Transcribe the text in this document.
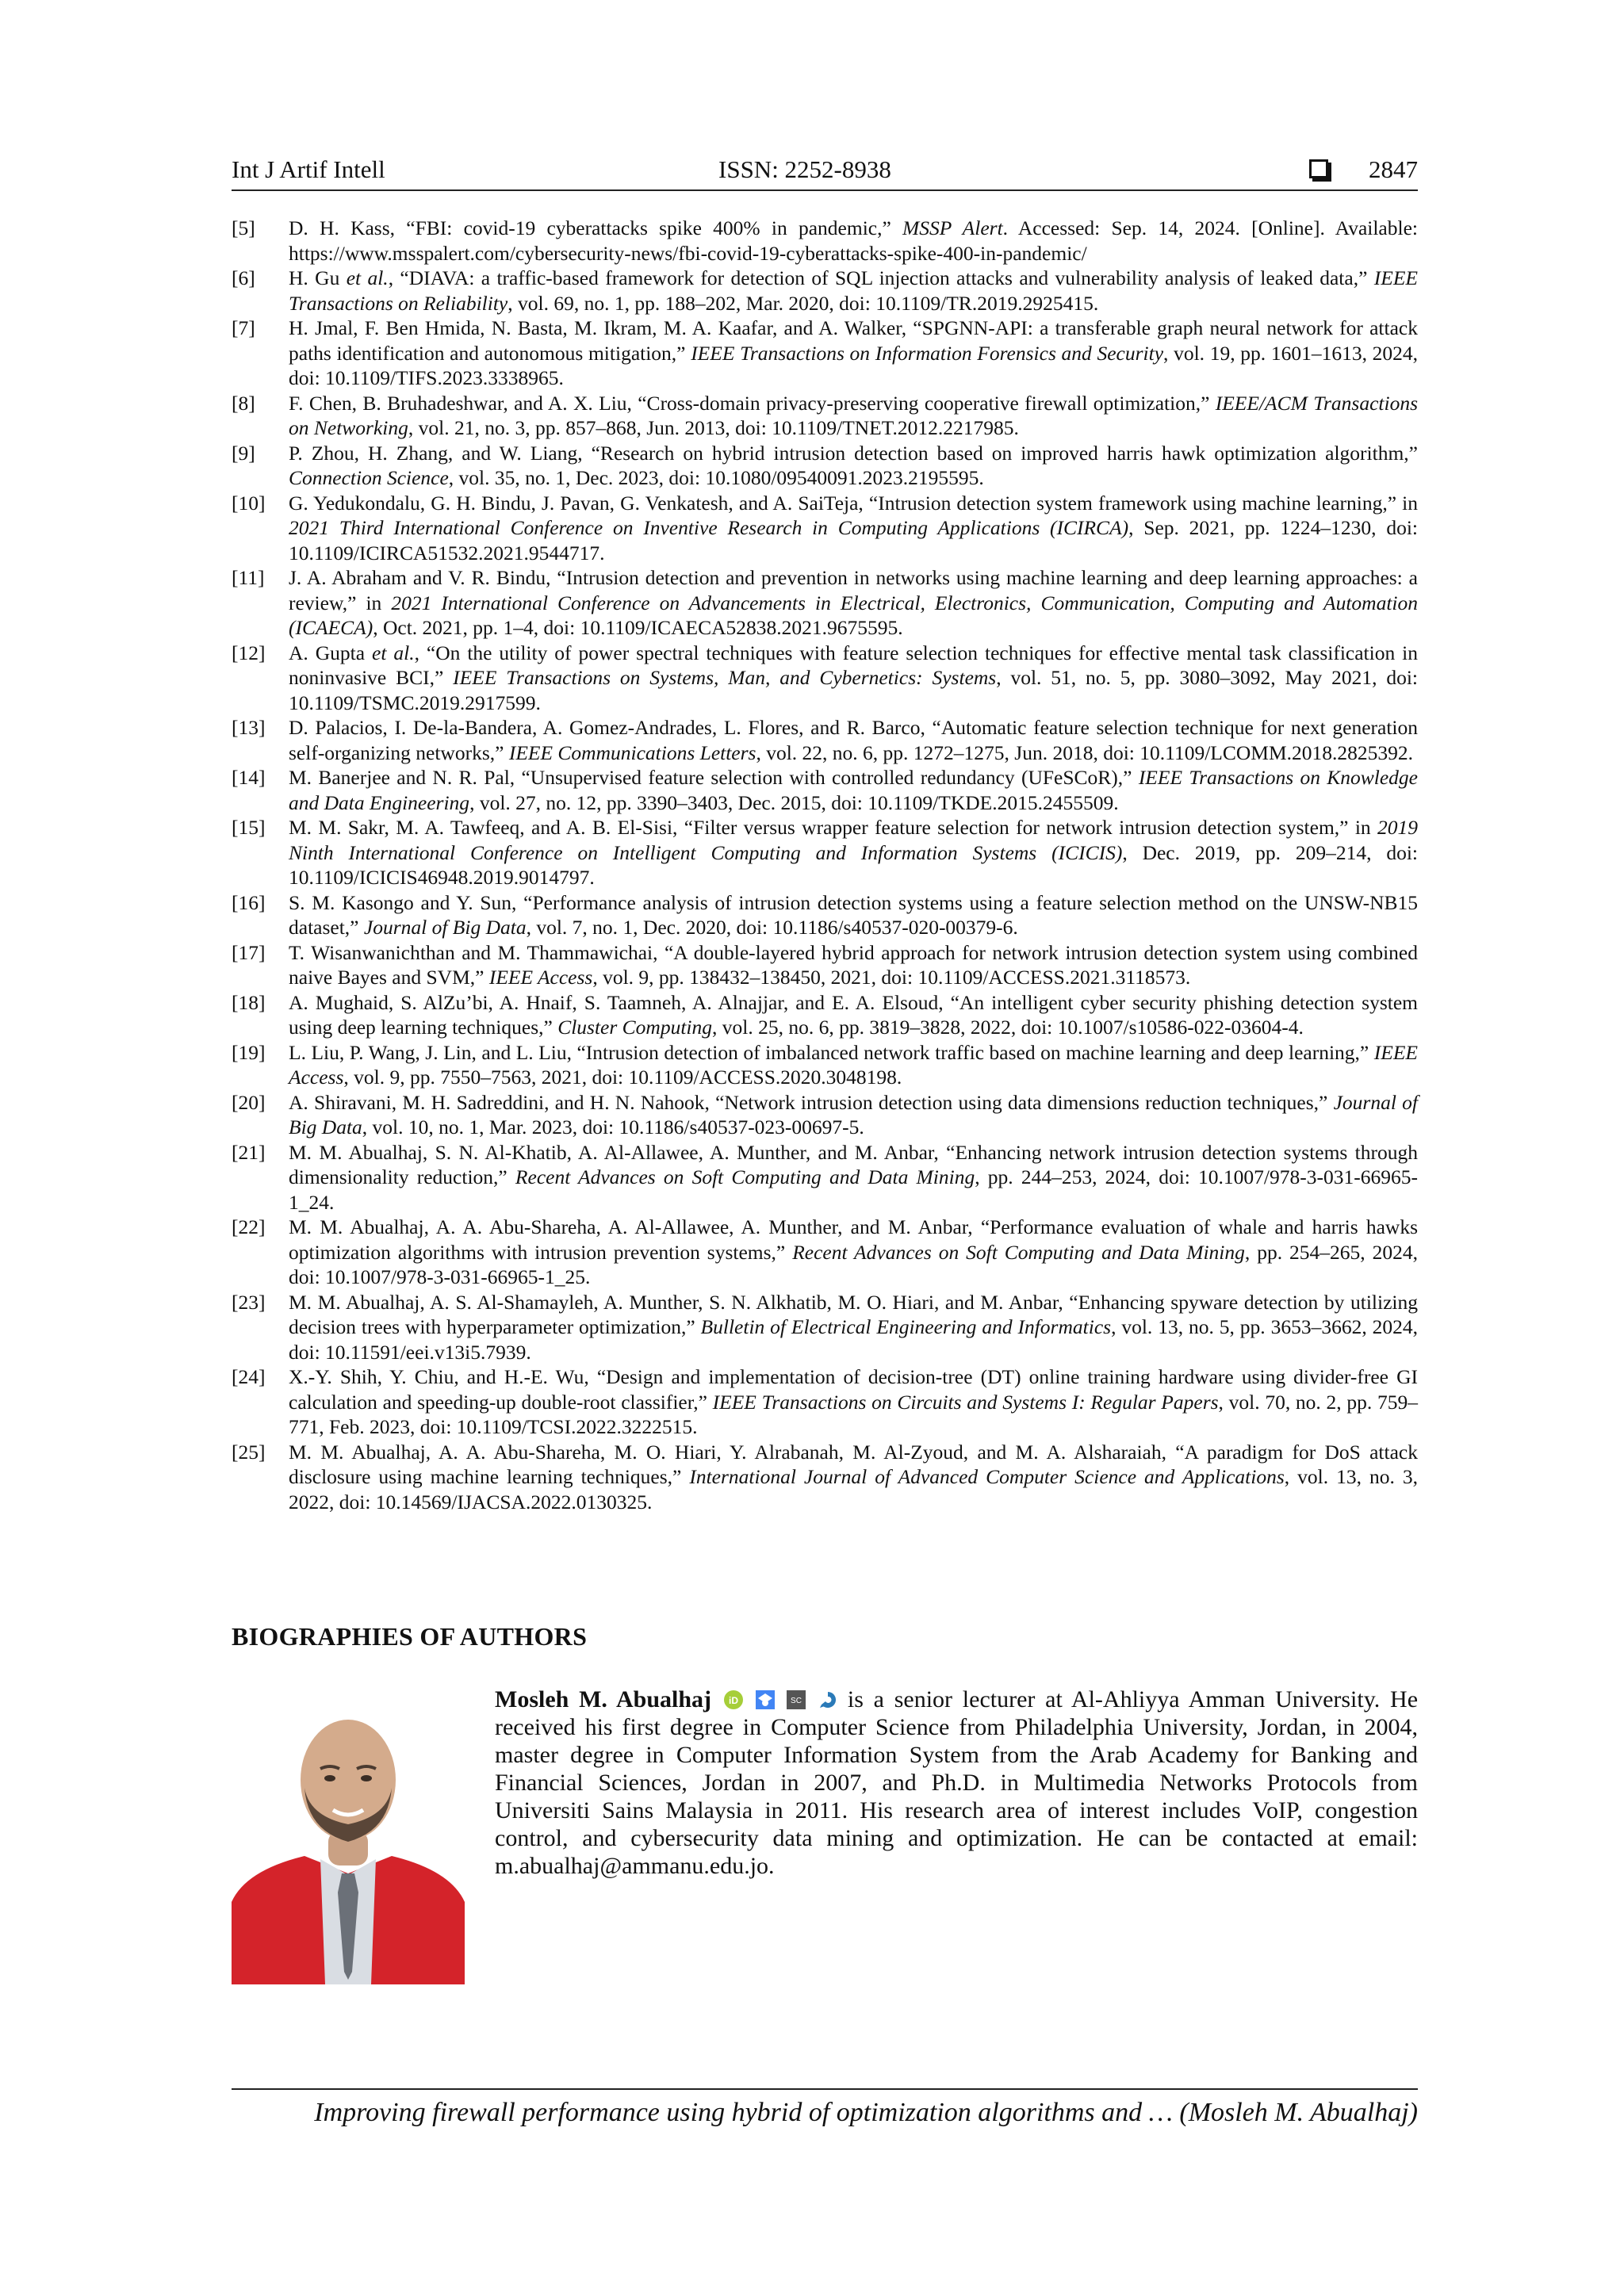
Int J Artif Intell	ISSN: 2252-8938	2847
[5] D. H. Kass, “FBI: covid-19 cyberattacks spike 400% in pandemic,” MSSP Alert. Accessed: Sep. 14, 2024. [Online]. Available: https://www.msspalert.com/cybersecurity-news/fbi-covid-19-cyberattacks-spike-400-in-pandemic/
[6] H. Gu et al., “DIAVA: a traffic-based framework for detection of SQL injection attacks and vulnerability analysis of leaked data,” IEEE Transactions on Reliability, vol. 69, no. 1, pp. 188–202, Mar. 2020, doi: 10.1109/TR.2019.2925415.
[7] H. Jmal, F. Ben Hmida, N. Basta, M. Ikram, M. A. Kaafar, and A. Walker, “SPGNN-API: a transferable graph neural network for attack paths identification and autonomous mitigation,” IEEE Transactions on Information Forensics and Security, vol. 19, pp. 1601–1613, 2024, doi: 10.1109/TIFS.2023.3338965.
[8] F. Chen, B. Bruhadeshwar, and A. X. Liu, “Cross-domain privacy-preserving cooperative firewall optimization,” IEEE/ACM Transactions on Networking, vol. 21, no. 3, pp. 857–868, Jun. 2013, doi: 10.1109/TNET.2012.2217985.
[9] P. Zhou, H. Zhang, and W. Liang, “Research on hybrid intrusion detection based on improved harris hawk optimization algorithm,” Connection Science, vol. 35, no. 1, Dec. 2023, doi: 10.1080/09540091.2023.2195595.
[10] G. Yedukondalu, G. H. Bindu, J. Pavan, G. Venkatesh, and A. SaiTeja, “Intrusion detection system framework using machine learning,” in 2021 Third International Conference on Inventive Research in Computing Applications (ICIRCA), Sep. 2021, pp. 1224–1230, doi: 10.1109/ICIRCA51532.2021.9544717.
[11] J. A. Abraham and V. R. Bindu, “Intrusion detection and prevention in networks using machine learning and deep learning approaches: a review,” in 2021 International Conference on Advancements in Electrical, Electronics, Communication, Computing and Automation (ICAECA), Oct. 2021, pp. 1–4, doi: 10.1109/ICAECA52838.2021.9675595.
[12] A. Gupta et al., “On the utility of power spectral techniques with feature selection techniques for effective mental task classification in noninvasive BCI,” IEEE Transactions on Systems, Man, and Cybernetics: Systems, vol. 51, no. 5, pp. 3080–3092, May 2021, doi: 10.1109/TSMC.2019.2917599.
[13] D. Palacios, I. De-la-Bandera, A. Gomez-Andrades, L. Flores, and R. Barco, “Automatic feature selection technique for next generation self-organizing networks,” IEEE Communications Letters, vol. 22, no. 6, pp. 1272–1275, Jun. 2018, doi: 10.1109/LCOMM.2018.2825392.
[14] M. Banerjee and N. R. Pal, “Unsupervised feature selection with controlled redundancy (UFeSCoR),” IEEE Transactions on Knowledge and Data Engineering, vol. 27, no. 12, pp. 3390–3403, Dec. 2015, doi: 10.1109/TKDE.2015.2455509.
[15] M. M. Sakr, M. A. Tawfeeq, and A. B. El-Sisi, “Filter versus wrapper feature selection for network intrusion detection system,” in 2019 Ninth International Conference on Intelligent Computing and Information Systems (ICICIS), Dec. 2019, pp. 209–214, doi: 10.1109/ICICIS46948.2019.9014797.
[16] S. M. Kasongo and Y. Sun, “Performance analysis of intrusion detection systems using a feature selection method on the UNSW-NB15 dataset,” Journal of Big Data, vol. 7, no. 1, Dec. 2020, doi: 10.1186/s40537-020-00379-6.
[17] T. Wisanwanichthan and M. Thammawichai, “A double-layered hybrid approach for network intrusion detection system using combined naive Bayes and SVM,” IEEE Access, vol. 9, pp. 138432–138450, 2021, doi: 10.1109/ACCESS.2021.3118573.
[18] A. Mughaid, S. AlZu’bi, A. Hnaif, S. Taamneh, A. Alnajjar, and E. A. Elsoud, “An intelligent cyber security phishing detection system using deep learning techniques,” Cluster Computing, vol. 25, no. 6, pp. 3819–3828, 2022, doi: 10.1007/s10586-022-03604-4.
[19] L. Liu, P. Wang, J. Lin, and L. Liu, “Intrusion detection of imbalanced network traffic based on machine learning and deep learning,” IEEE Access, vol. 9, pp. 7550–7563, 2021, doi: 10.1109/ACCESS.2020.3048198.
[20] A. Shiravani, M. H. Sadreddini, and H. N. Nahook, “Network intrusion detection using data dimensions reduction techniques,” Journal of Big Data, vol. 10, no. 1, Mar. 2023, doi: 10.1186/s40537-023-00697-5.
[21] M. M. Abualhaj, S. N. Al-Khatib, A. Al-Allawee, A. Munther, and M. Anbar, “Enhancing network intrusion detection systems through dimensionality reduction,” Recent Advances on Soft Computing and Data Mining, pp. 244–253, 2024, doi: 10.1007/978-3-031-66965-1_24.
[22] M. M. Abualhaj, A. A. Abu-Shareha, A. Al-Allawee, A. Munther, and M. Anbar, “Performance evaluation of whale and harris hawks optimization algorithms with intrusion prevention systems,” Recent Advances on Soft Computing and Data Mining, pp. 254–265, 2024, doi: 10.1007/978-3-031-66965-1_25.
[23] M. M. Abualhaj, A. S. Al-Shamayleh, A. Munther, S. N. Alkhatib, M. O. Hiari, and M. Anbar, “Enhancing spyware detection by utilizing decision trees with hyperparameter optimization,” Bulletin of Electrical Engineering and Informatics, vol. 13, no. 5, pp. 3653–3662, 2024, doi: 10.11591/eei.v13i5.7939.
[24] X.-Y. Shih, Y. Chiu, and H.-E. Wu, “Design and implementation of decision-tree (DT) online training hardware using divider-free GI calculation and speeding-up double-root classifier,” IEEE Transactions on Circuits and Systems I: Regular Papers, vol. 70, no. 2, pp. 759–771, Feb. 2023, doi: 10.1109/TCSI.2022.3222515.
[25] M. M. Abualhaj, A. A. Abu-Shareha, M. O. Hiari, Y. Alrabanah, M. Al-Zyoud, and M. A. Alsharaiah, “A paradigm for DoS attack disclosure using machine learning techniques,” International Journal of Advanced Computer Science and Applications, vol. 13, no. 3, 2022, doi: 10.14569/IJACSA.2022.0130325.
BIOGRAPHIES OF AUTHORS
Mosleh M. Abualhaj iD
	SC is a senior lecturer at Al-Ahliyya Amman University. He received his first degree in Computer Science from Philadelphia University, Jordan, in 2004, master degree in Computer Information System from the Arab Academy for Banking and Financial Sciences, Jordan in 2007, and Ph.D. in Multimedia Networks Protocols from Universiti Sains Malaysia in 2011. His research area of interest includes VoIP, congestion control, and cybersecurity data mining and optimization. He can be contacted at email: m.abualhaj@ammanu.edu.jo.
Improving firewall performance using hybrid of optimization algorithms and … (Mosleh M. Abualhaj)
